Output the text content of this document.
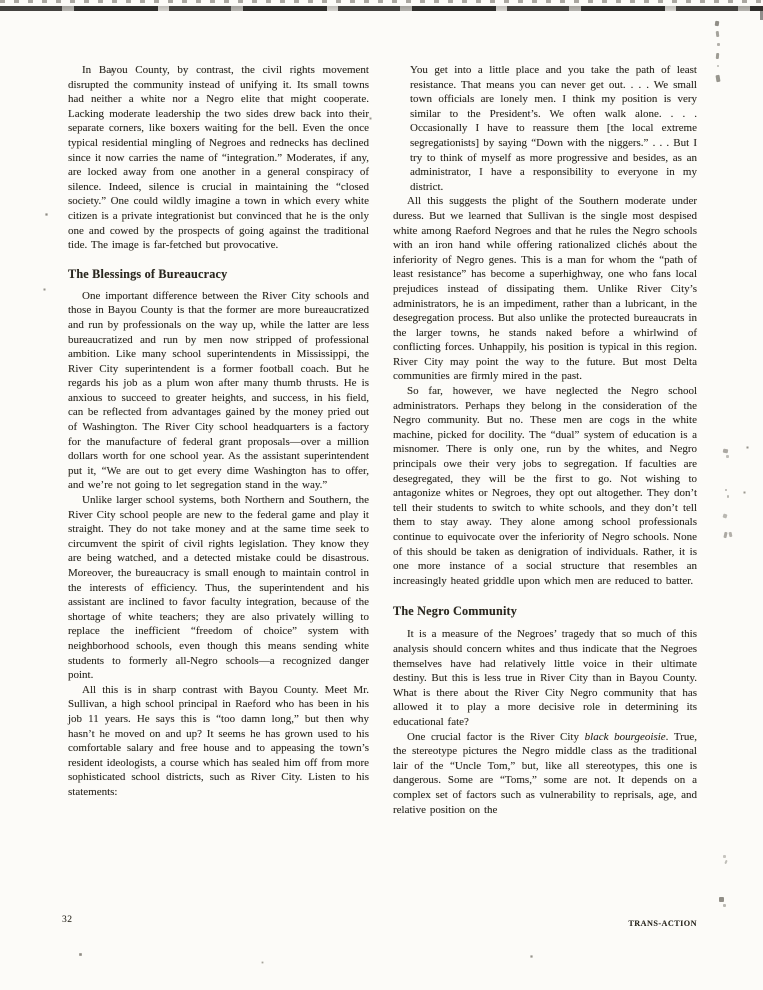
In Bayou County, by contrast, the civil rights movement disrupted the community instead of unifying it. Its small towns had neither a white nor a Negro elite that might cooperate. Lacking moderate leadership the two sides drew back into their separate corners, like boxers waiting for the bell. Even the once typical residential mingling of Negroes and rednecks has declined since it now carries the name of “integration.” Moderates, if any, are locked away from one another in a general conspiracy of silence. Indeed, silence is crucial in maintaining the “closed society.” One could wildly imagine a town in which every white citizen is a private integrationist but convinced that he is the only one and cowed by the prospects of going against the traditional tide. The image is far-fetched but provocative.

The Blessings of Bureaucracy

One important difference between the River City schools and those in Bayou County is that the former are more bureaucratized and run by professionals on the way up, while the latter are less bureaucratized and run by men now stripped of professional ambition. Like many school superintendents in Mississippi, the River City superintendent is a former football coach. But he regards his job as a plum won after many thumb thrusts. He is anxious to succeed to greater heights, and success, in his field, can be reflected from advantages gained by the money pried out of Washington. The River City school headquarters is a factory for the manufacture of federal grant proposals—over a million dollars worth for one school year. As the assistant superintendent put it, “We are out to get every dime Washington has to offer, and we’re not going to let segregation stand in the way.”

Unlike larger school systems, both Northern and Southern, the River City school people are new to the federal game and play it straight. They do not take money and at the same time seek to circumvent the spirit of civil rights legislation. They know they are being watched, and a detected mistake could be disastrous. Moreover, the bureaucracy is small enough to maintain control in the interests of efficiency. Thus, the superintendent and his assistant are inclined to favor faculty integration, because of the shortage of white teachers; they are also privately willing to replace the inefficient “freedom of choice” system with neighborhood schools, even though this means sending white students to formerly all-Negro schools—a recognized danger point.

All this is in sharp contrast with Bayou County. Meet Mr. Sullivan, a high school principal in Raeford who has been in his job 11 years. He says this is “too damn long,” but then why hasn’t he moved on and up? It seems he has grown used to his comfortable salary and free house and to appeasing the town’s resident ideologists, a course which has sealed him off from more sophisticated school districts, such as River City. Listen to his statements:

You get into a little place and you take the path of least resistance. That means you can never get out. . . . We small town officials are lonely men. I think my position is very similar to the President’s. We often walk alone. . . . Occasionally I have to reassure them [the local extreme segregationists] by saying “Down with the niggers.” . . . But I try to think of myself as more progressive and besides, as an administrator, I have a responsibility to everyone in my district.

All this suggests the plight of the Southern moderate under duress. But we learned that Sullivan is the single most despised white among Raeford Negroes and that he rules the Negro schools with an iron hand while offering rationalized clichés about the inferiority of Negro genes. This is a man for whom the “path of least resistance” has become a superhighway, one who fans local prejudices instead of dissipating them. Unlike River City’s administrators, he is an impediment, rather than a lubricant, in the desegregation process. But also unlike the protected bureaucrats in the larger towns, he stands naked before a whirlwind of conflicting forces. Unhappily, his position is typical in this region. River City may point the way to the future. But most Delta communities are firmly mired in the past.

So far, however, we have neglected the Negro school administrators. Perhaps they belong in the consideration of the Negro community. But no. These men are cogs in the white machine, picked for docility. The “dual” system of education is a misnomer. There is only one, run by the whites, and Negro principals owe their very jobs to segregation. If faculties are desegregated, they will be the first to go. Not wishing to antagonize whites or Negroes, they opt out altogether. They don’t tell their students to switch to white schools, and they don’t tell them to stay away. They alone among school professionals continue to equivocate over the inferiority of Negro schools. None of this should be taken as denigration of individuals. Rather, it is one more instance of a social structure that resembles an increasingly heated griddle upon which men are reduced to batter.

The Negro Community

It is a measure of the Negroes’ tragedy that so much of this analysis should concern whites and thus indicate that the Negroes themselves have had relatively little voice in their ultimate destiny. But this is less true in River City than in Bayou County. What is there about the River City Negro community that has allowed it to play a more decisive role in determining its educational fate?

One crucial factor is the River City black bourgeoisie. True, the stereotype pictures the Negro middle class as the traditional lair of the “Uncle Tom,” but, like all stereotypes, this one is dangerous. Some are “Toms,” some are not. It depends on a complex set of factors such as vulnerability to reprisals, age, and relative position on the

32	TRANS-ACTION
